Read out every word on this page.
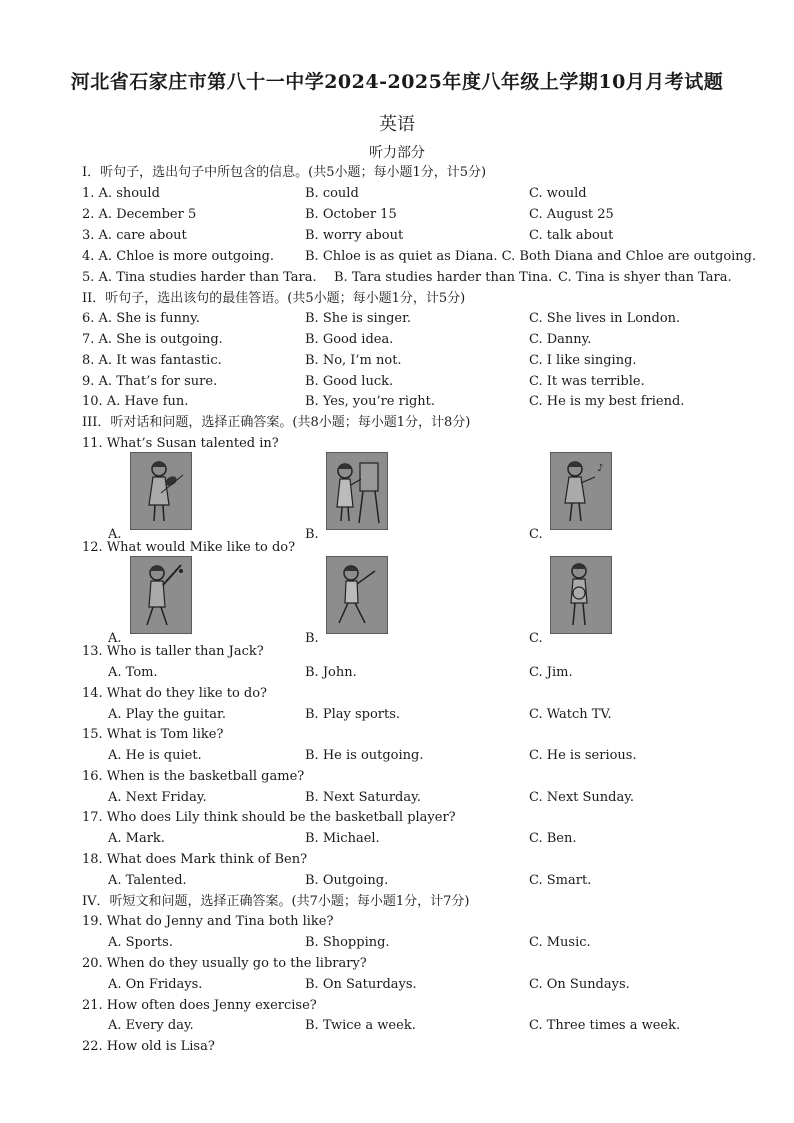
河北省石家庄市第八十一中学2024-2025年度八年级上学期10月月考试题
英语
听力部分
I．听句子，选出句子中所包含的信息。(共5小题；每小题1分，计5分)
1. A. should	B. could	C. would
2. A. December 5	B. October 15	C. August 25
3. A. care about	B. worry about	C. talk about
4. A. Chloe is more outgoing. B. Chloe is as quiet as Diana. C. Both Diana and Chloe are outgoing.
5. A. Tina studies harder than Tara. B. Tara studies harder than Tina. C. Tina is shyer than Tara.
II．听句子，选出该句的最佳答语。(共5小题；每小题1分，计5分)
6. A. She is funny.	B. She is singer.	C. She lives in London.
7. A. She is outgoing.	B. Good idea.	C. Danny.
8. A. It was fantastic.	B. No, I’m not.	C. I like singing.
9. A. That’s for sure.	B. Good luck.	C. It was terrible.
10. A. Have fun.	B. Yes, you’re right.	C. He is my best friend.
III．听对话和问题，选择正确答案。(共8小题；每小题1分，计8分)
11. What’s Susan talented in?
A.	B.	C.
♪
12. What would Mike like to do?
A.	B.	C.
13. Who is taller than Jack?
A. Tom.	B. John.	C. Jim.
14. What do they like to do?
A. Play the guitar.	B. Play sports.	C. Watch TV.
15. What is Tom like?
A. He is quiet.	B. He is outgoing.	C. He is serious.
16. When is the basketball game?
A. Next Friday.	B. Next Saturday.	C. Next Sunday.
17. Who does Lily think should be the basketball player?
A. Mark.	B. Michael.	C. Ben.
18. What does Mark think of Ben?
A. Talented.	B. Outgoing.	C. Smart.
IV．听短文和问题，选择正确答案。(共7小题；每小题1分，计7分)
19. What do Jenny and Tina both like?
A. Sports.	B. Shopping.	C. Music.
20. When do they usually go to the library?
A. On Fridays.	B. On Saturdays.	C. On Sundays.
21. How often does Jenny exercise?
A. Every day.	B. Twice a week.	C. Three times a week.
22. How old is Lisa?
